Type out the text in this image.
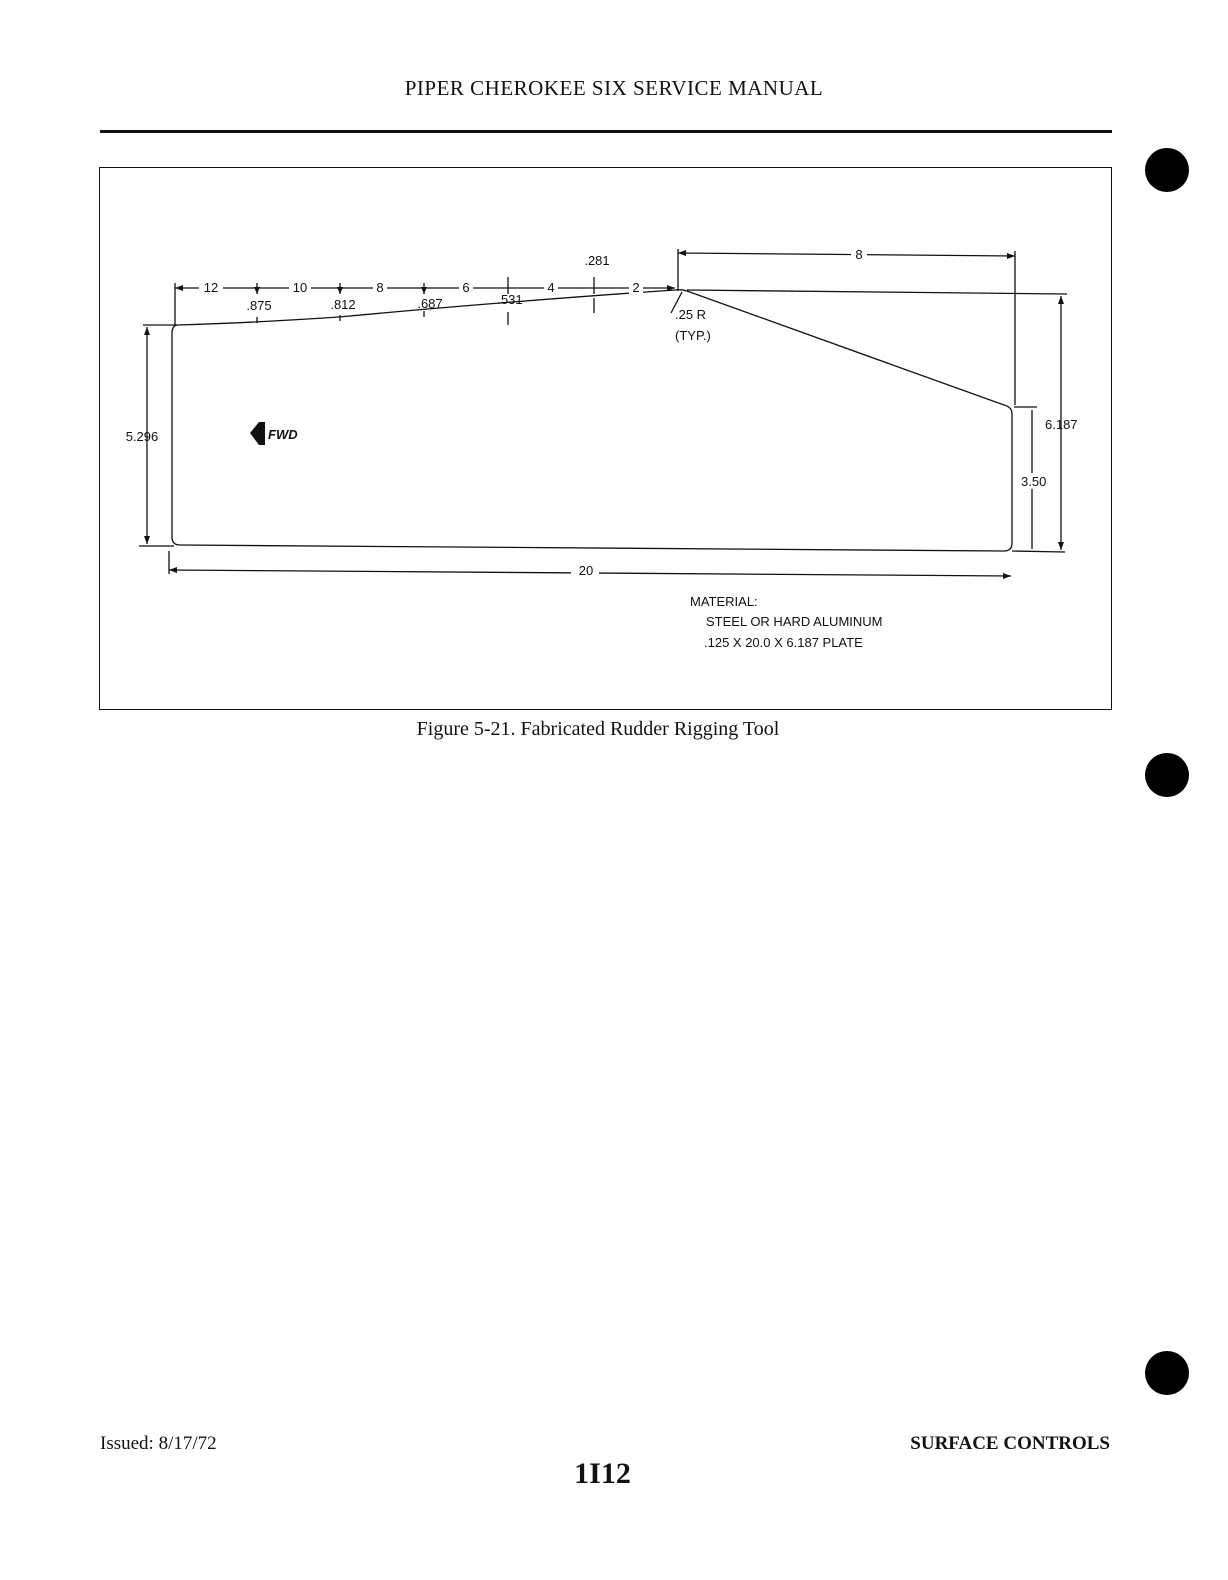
PIPER CHEROKEE SIX SERVICE MANUAL
12	10	8	6	4	2
.875	.812	.687	.531
.281	8
5.296
20
.25 R
(TYP.)
6.187
3.50
FWD
MATERIAL:
STEEL OR HARD ALUMINUM
.125 X 20.0 X 6.187 PLATE
Figure 5-21. Fabricated Rudder Rigging Tool
Issued: 8/17/72	SURFACE CONTROLS
1I12
